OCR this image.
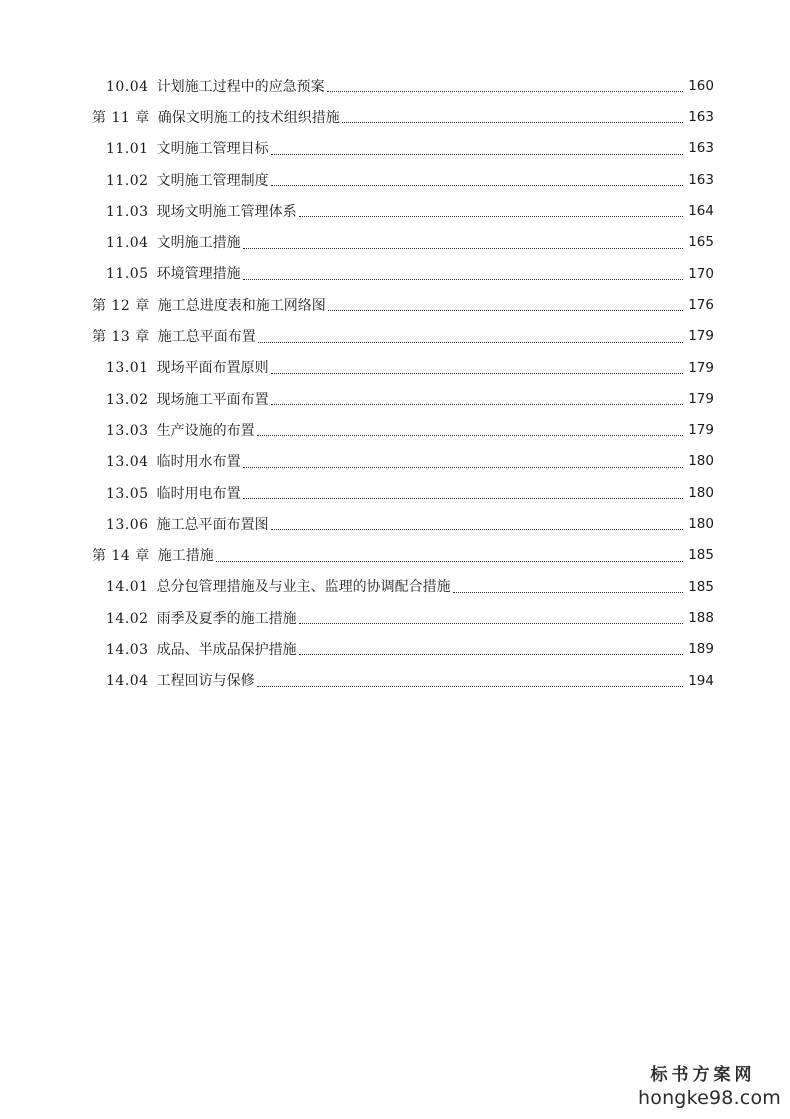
10.04 计划施工过程中的应急预案	160
第 11 章 确保文明施工的技术组织措施	163
11.01 文明施工管理目标	163
11.02 文明施工管理制度	163
11.03 现场文明施工管理体系	164
11.04 文明施工措施	165
11.05 环境管理措施	170
第 12 章 施工总进度表和施工网络图	176
第 13 章 施工总平面布置	179
13.01 现场平面布置原则	179
13.02 现场施工平面布置	179
13.03 生产设施的布置	179
13.04 临时用水布置	180
13.05 临时用电布置	180
13.06 施工总平面布置图	180
第 14 章 施工措施	185
14.01 总分包管理措施及与业主、监理的协调配合措施	185
14.02 雨季及夏季的施工措施	188
14.03 成品、半成品保护措施	189
14.04 工程回访与保修	194
标书方案网
hongke98.com
